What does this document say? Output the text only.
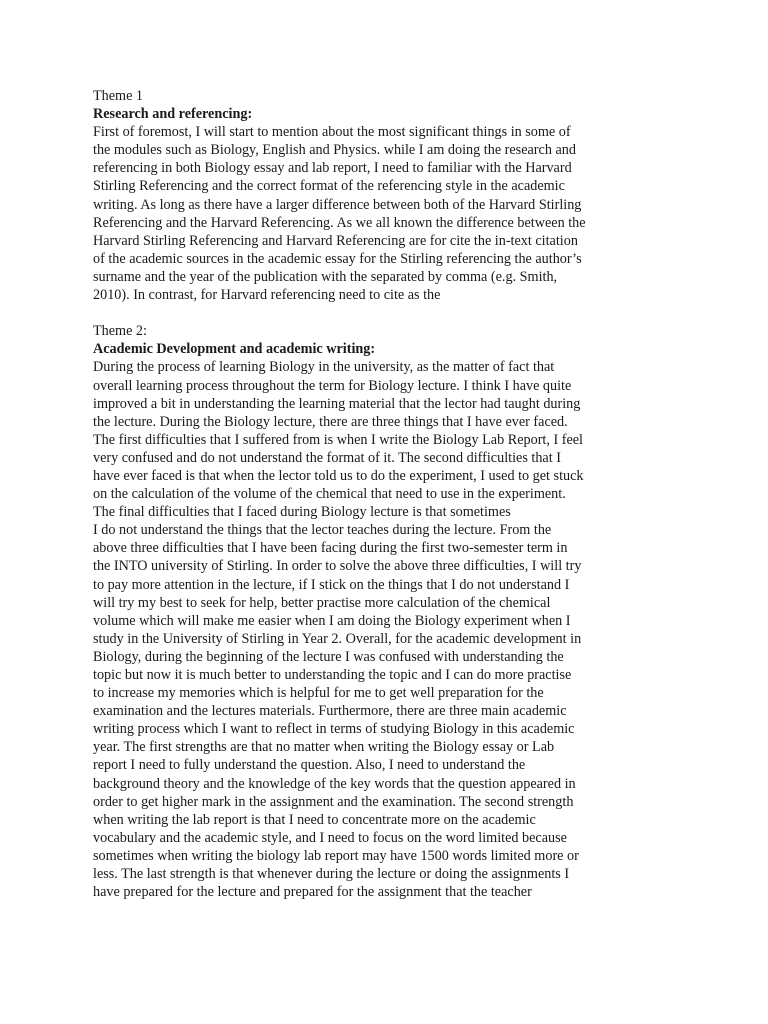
Theme 1
Research and referencing:
First of foremost, I will start to mention about the most significant things in some of
the modules such as Biology, English and Physics. while I am doing the research and
referencing in both Biology essay and lab report, I need to familiar with the Harvard
Stirling Referencing and the correct format of the referencing style in the academic
writing. As long as there have a larger difference between both of the Harvard Stirling
Referencing and the Harvard Referencing. As we all known the difference between the
Harvard Stirling Referencing and Harvard Referencing are for cite the in-text citation
of the academic sources in the academic essay for the Stirling referencing the author’s
surname and the year of the publication with the separated by comma (e.g. Smith,
2010). In contrast, for Harvard referencing need to cite as the
Theme 2:
Academic Development and academic writing:
During the process of learning Biology in the university, as the matter of fact that
overall learning process throughout the term for Biology lecture. I think I have quite
improved a bit in understanding the learning material that the lector had taught during
the lecture. During the Biology lecture, there are three things that I have ever faced.
The first difficulties that I suffered from is when I write the Biology Lab Report, I feel
very confused and do not understand the format of it. The second difficulties that I
have ever faced is that when the lector told us to do the experiment, I used to get stuck
on the calculation of the volume of the chemical that need to use in the experiment.
The final difficulties that I faced during Biology lecture is that sometimes
I do not understand the things that the lector teaches during the lecture. From the
above three difficulties that I have been facing during the first two-semester term in
the INTO university of Stirling. In order to solve the above three difficulties, I will try
to pay more attention in the lecture, if I stick on the things that I do not understand I
will try my best to seek for help, better practise more calculation of the chemical
volume which will make me easier when I am doing the Biology experiment when I
study in the University of Stirling in Year 2. Overall, for the academic development in
Biology, during the beginning of the lecture I was confused with understanding the
topic but now it is much better to understanding the topic and I can do more practise
to increase my memories which is helpful for me to get well preparation for the
examination and the lectures materials. Furthermore, there are three main academic
writing process which I want to reflect in terms of studying Biology in this academic
year. The first strengths are that no matter when writing the Biology essay or Lab
report I need to fully understand the question. Also, I need to understand the
background theory and the knowledge of the key words that the question appeared in
order to get higher mark in the assignment and the examination. The second strength
when writing the lab report is that I need to concentrate more on the academic
vocabulary and the academic style, and I need to focus on the word limited because
sometimes when writing the biology lab report may have 1500 words limited more or
less. The last strength is that whenever during the lecture or doing the assignments I
have prepared for the lecture and prepared for the assignment that the teacher
